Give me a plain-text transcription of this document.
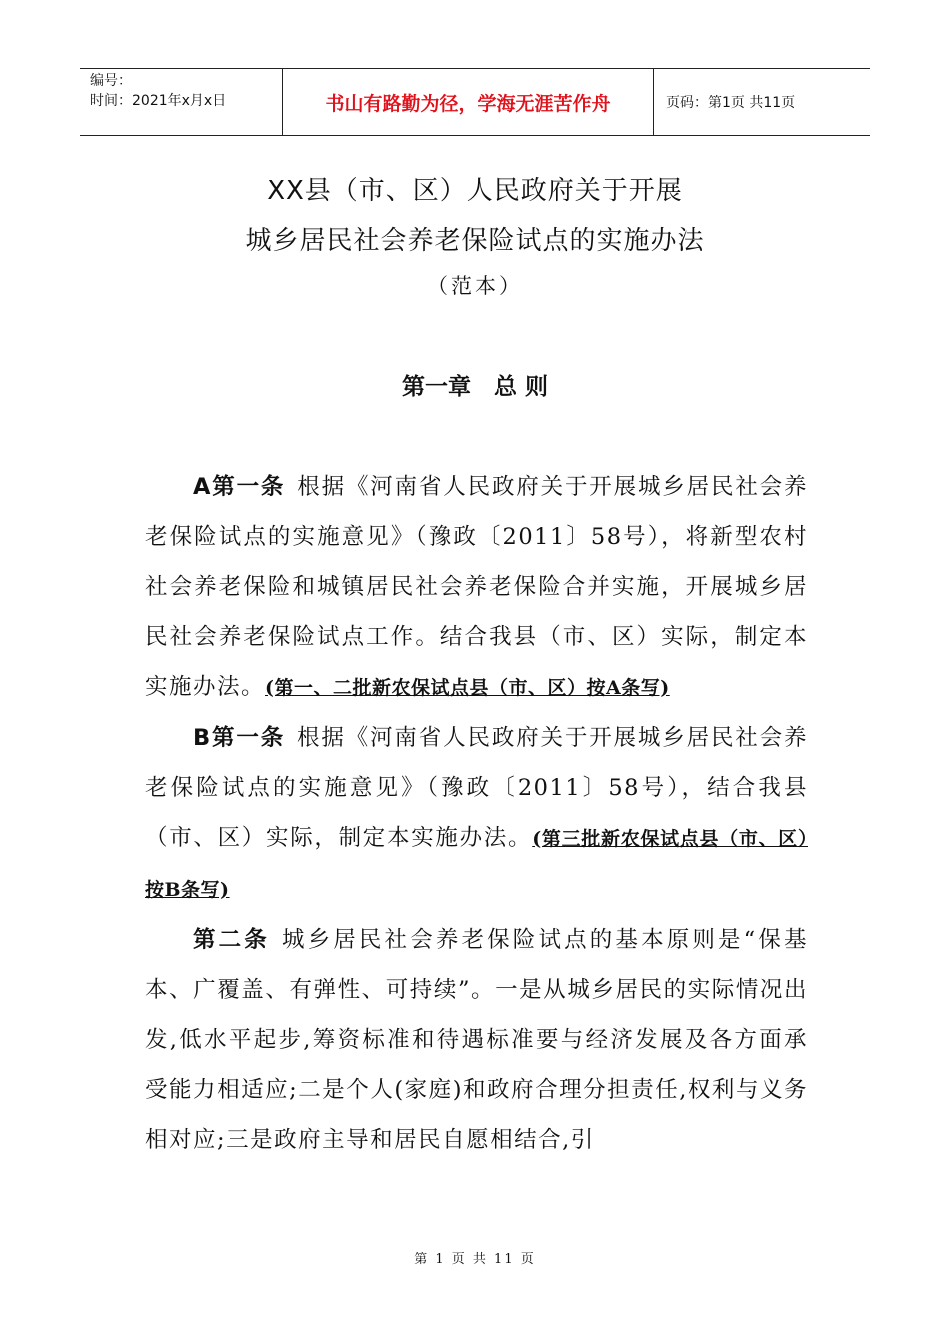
编号：
时间：2021年x月x日	书山有路勤为径，学海无涯苦作舟	页码：第1页 共11页
XX县（市、区）人民政府关于开展
城乡居民社会养老保险试点的实施办法
（范本）
第一章　总 则

A第一条 根据《河南省人民政府关于开展城乡居民社会养老保险试点的实施意见》（豫政〔2011〕58号），将新型农村社会养老保险和城镇居民社会养老保险合并实施，开展城乡居民社会养老保险试点工作。结合我县（市、区）实际，制定本实施办法。(第一、二批新农保试点县（市、区）按A条写)

B第一条 根据《河南省人民政府关于开展城乡居民社会养老保险试点的实施意见》（豫政〔2011〕58号），结合我县（市、区）实际，制定本实施办法。(第三批新农保试点县（市、区）按B条写)

第二条 城乡居民社会养老保险试点的基本原则是“保基本、广覆盖、有弹性、可持续”。一是从城乡居民的实际情况出发,低水平起步,筹资标准和待遇标准要与经济发展及各方面承受能力相适应;二是个人(家庭)和政府合理分担责任,权利与义务相对应;三是政府主导和居民自愿相结合,引

第 1 页 共 11 页
